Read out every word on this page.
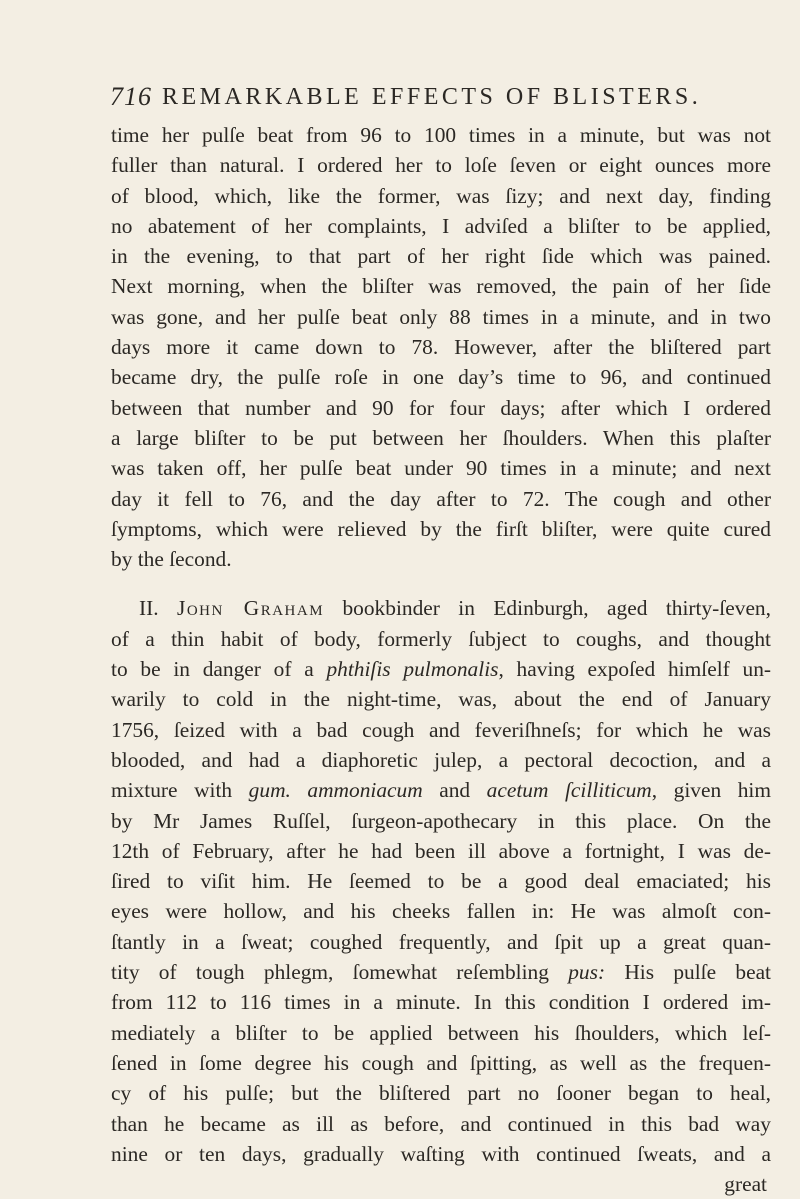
716 REMARKABLE EFFECTS OF BLISTERS.
time her pulſe beat from 96 to 100 times in a minute, but was not
fuller than natural. I ordered her to loſe ſeven or eight ounces more
of blood, which, like the former, was ſizy; and next day, finding
no abatement of her complaints, I adviſed a bliſter to be applied,
in the evening, to that part of her right ſide which was pained.
Next morning, when the bliſter was removed, the pain of her ſide
was gone, and her pulſe beat only 88 times in a minute, and in two
days more it came down to 78. However, after the bliſtered part
became dry, the pulſe roſe in one day’s time to 96, and continued
between that number and 90 for four days; after which I ordered
a large bliſter to be put between her ſhoulders. When this plaſter
was taken off, her pulſe beat under 90 times in a minute; and next
day it fell to 76, and the day after to 72. The cough and other
ſymptoms, which were relieved by the firſt bliſter, were quite cured
by the ſecond.
II. John Graham bookbinder in Edinburgh, aged thirty-ſeven,
of a thin habit of body, formerly ſubject to coughs, and thought
to be in danger of a phthiſis pulmonalis, having expoſed himſelf un-
warily to cold in the night-time, was, about the end of January
1756, ſeized with a bad cough and feveriſhneſs; for which he was
blooded, and had a diaphoretic julep, a pectoral decoction, and a
mixture with gum. ammoniacum and acetum ſcilliticum, given him
by Mr James Ruſſel, ſurgeon-apothecary in this place. On the
12th of February, after he had been ill above a fortnight, I was de-
ſired to viſit him. He ſeemed to be a good deal emaciated; his
eyes were hollow, and his cheeks fallen in: He was almoſt con-
ſtantly in a ſweat; coughed frequently, and ſpit up a great quan-
tity of tough phlegm, ſomewhat reſembling pus: His pulſe beat
from 112 to 116 times in a minute. In this condition I ordered im-
mediately a bliſter to be applied between his ſhoulders, which leſ-
ſened in ſome degree his cough and ſpitting, as well as the frequen-
cy of his pulſe; but the bliſtered part no ſooner began to heal,
than he became as ill as before, and continued in this bad way
nine or ten days, gradually waſting with continued ſweats, and a
great
